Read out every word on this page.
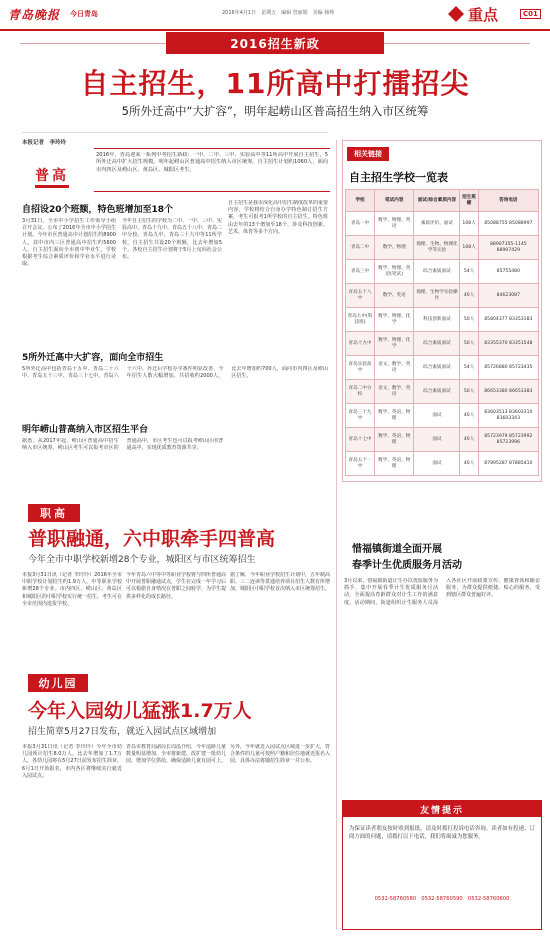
青岛晚报 今日青岛	2016年4月1日　星期五　编辑 管丽娟　美编 杨帅	重点	C01
2016招生新政
自主招生，11所高中打擂招尖
5所外迁高中“大扩容”，明年起崂山区普高招生纳入市区统筹
本报记者　李玲玲
2016年，青岛迎来一系列中考招生新政：一中、二中、三中、实验高中等11所高中开展自主招生，5所外迁高中扩大招生规模，明年起崂山区普通高中招生纳入市区统筹。自主招生计划约1060人，面向市内四区及崂山区、黄岛区、城阳区考生。
普高
自招设20个班额，特色班增加至18个
3月31日，全市中小学招生工作领导小组召开会议，公布了2016年全市中小学招生计划。今年市区普通高中计划招生约8900人，其中市内三区普通高中招生约5600人。自主招生面向全市初中毕业生，学校根据考生综合素质评价和学业水平进行录取。
今年自主招生的学校为二中、一中、三中、实验高中、青岛十九中、青岛五十八中、青岛二中分校、青岛九中、青岛三十九中等11所学校，自主招生共设20个班额，比去年增加5个。各校自主招生计划将于5月上旬向社会公布。
自主招生是我市深化高中招生制度改革的重要内容，学校将结合自身办学特色制订招生方案，考生可报考1所学校的自主招生。特色班由去年的13个增加至18个，涉及科技创新、艺术、体育等多个方向。
5所外迁高中大扩容，面向全市招生
5所外迁高中包括青岛十五中、青岛二十六中、青岛五十三中、青岛三十七中、青岛六十六中。外迁后学校办学条件明显改善，今年招生人数大幅增加，共招收约2000人，比去年增加约700人，面向市内四区及崂山区招生。
明年崂山普高纳入市区招生平台
据悉，从2017年起，崂山区普通高中招生纳入市区统筹，崂山区考生可以报考市区的普通高中，市区考生也可以报考崂山区的普通高中，实现优质教育资源共享。
职高
普职融通，六中职牵手四普高
今年全市中职学校新增28个专业，城阳区与市区统筹招生
本报3月31日讯（记者 李玲玲）2016年全市中职学校计划招生约1.9万人，中等职业学校新增28个专业。市内四区、崂山区、黄岛区和城阳区的中职学校实行统一招生，考生可在全市范围内选报学校。
今年青岛六中等中等职业学校将与四所普通高中开展普职融通试点，学生在完成一年学习后可以根据自身情况在普职之间转学，为学生提供多样化的成长路径。
据了解，今年职业学校招生计划中，五年制高职、三二连读等贯通培养项目招生人数有所增加，城阳区中职学校首次纳入市区统筹招生。
幼儿园
今年入园幼儿猛涨1.7万人
招生简章5月27日发布，就近入园试点区域增加
本报3月31日讯（记者 李玲玲）今年全市幼儿园预计招生8.0万人，比去年增加了1.7万人。各幼儿园将在5月27日前发布招生简章，6月1日开始报名，市内各区将继续实行就近入园试点。
青岛市教育局副局长周泓介绍，今年适龄儿童数量明显增加，全市将新建、改扩建一批幼儿园，增加学位供给，确保适龄儿童有园可上。
另外，今年就近入园试点区域进一步扩大，符合条件的儿童可按照户籍和居住地就近报名入园，具体办法将随招生简章一并公布。
相关链接
自主招生学校一览表
学校	笔试内容	面试/综合素质内容	招生班额	咨询电话
青岛一中	数学、物理、英语	素质评价、面试	108人	85088755 85088997
青岛二中	数学、物理	地理、生物、物理化学等实验	108人	88907355-1145 88907429
青岛三中	数学、物理、英语(笔试)	综合素质面试	54人	85755480
青岛五十八中	数学、英语	地理、生物学实验操作	40人	84623087
青岛九中(科技班)	数学、物理、化学	科技创新面试	50人	85804377 83353183
青岛十九中	数学、物理、化学	综合素质面试	50人	83355370 83351548
青岛实验高中	语文、数学、英语	综合素质面试	54人	85726880 85723435
青岛二中分校	语文、数学、英语	综合素质面试	50人	86653380 86653383
青岛三十九中	数学、英语、物理	面试	40人	83603513 83603310 83603343
青岛十七中	数学、英语、物理	面试	40人	85723979 85723992 85723996
青岛五十一中	数学、英语、物理	面试	40人	87895287 87885410
惜福镇街道全面开展
春季计生优质服务月活动
3月以来，惜福镇街道计生办以优质服务为抓手，集中开展春季计生优质服务月活动，全面提高育龄群众对计生工作的满意度。活动期间，街道组织计生服务人员深入各社区开展政策宣传、健康查体和随访服务，为群众提供便捷、贴心的服务，受到辖区群众普遍好评。
友情提示
为保证读者朋友按时收到报纸，请及时拨打投诉电话咨询。读者如有投递、订阅方面的问题，请拨打以下电话，我们将竭诚为您服务。
0532-58760580　0532-58760590　0532-58760600
